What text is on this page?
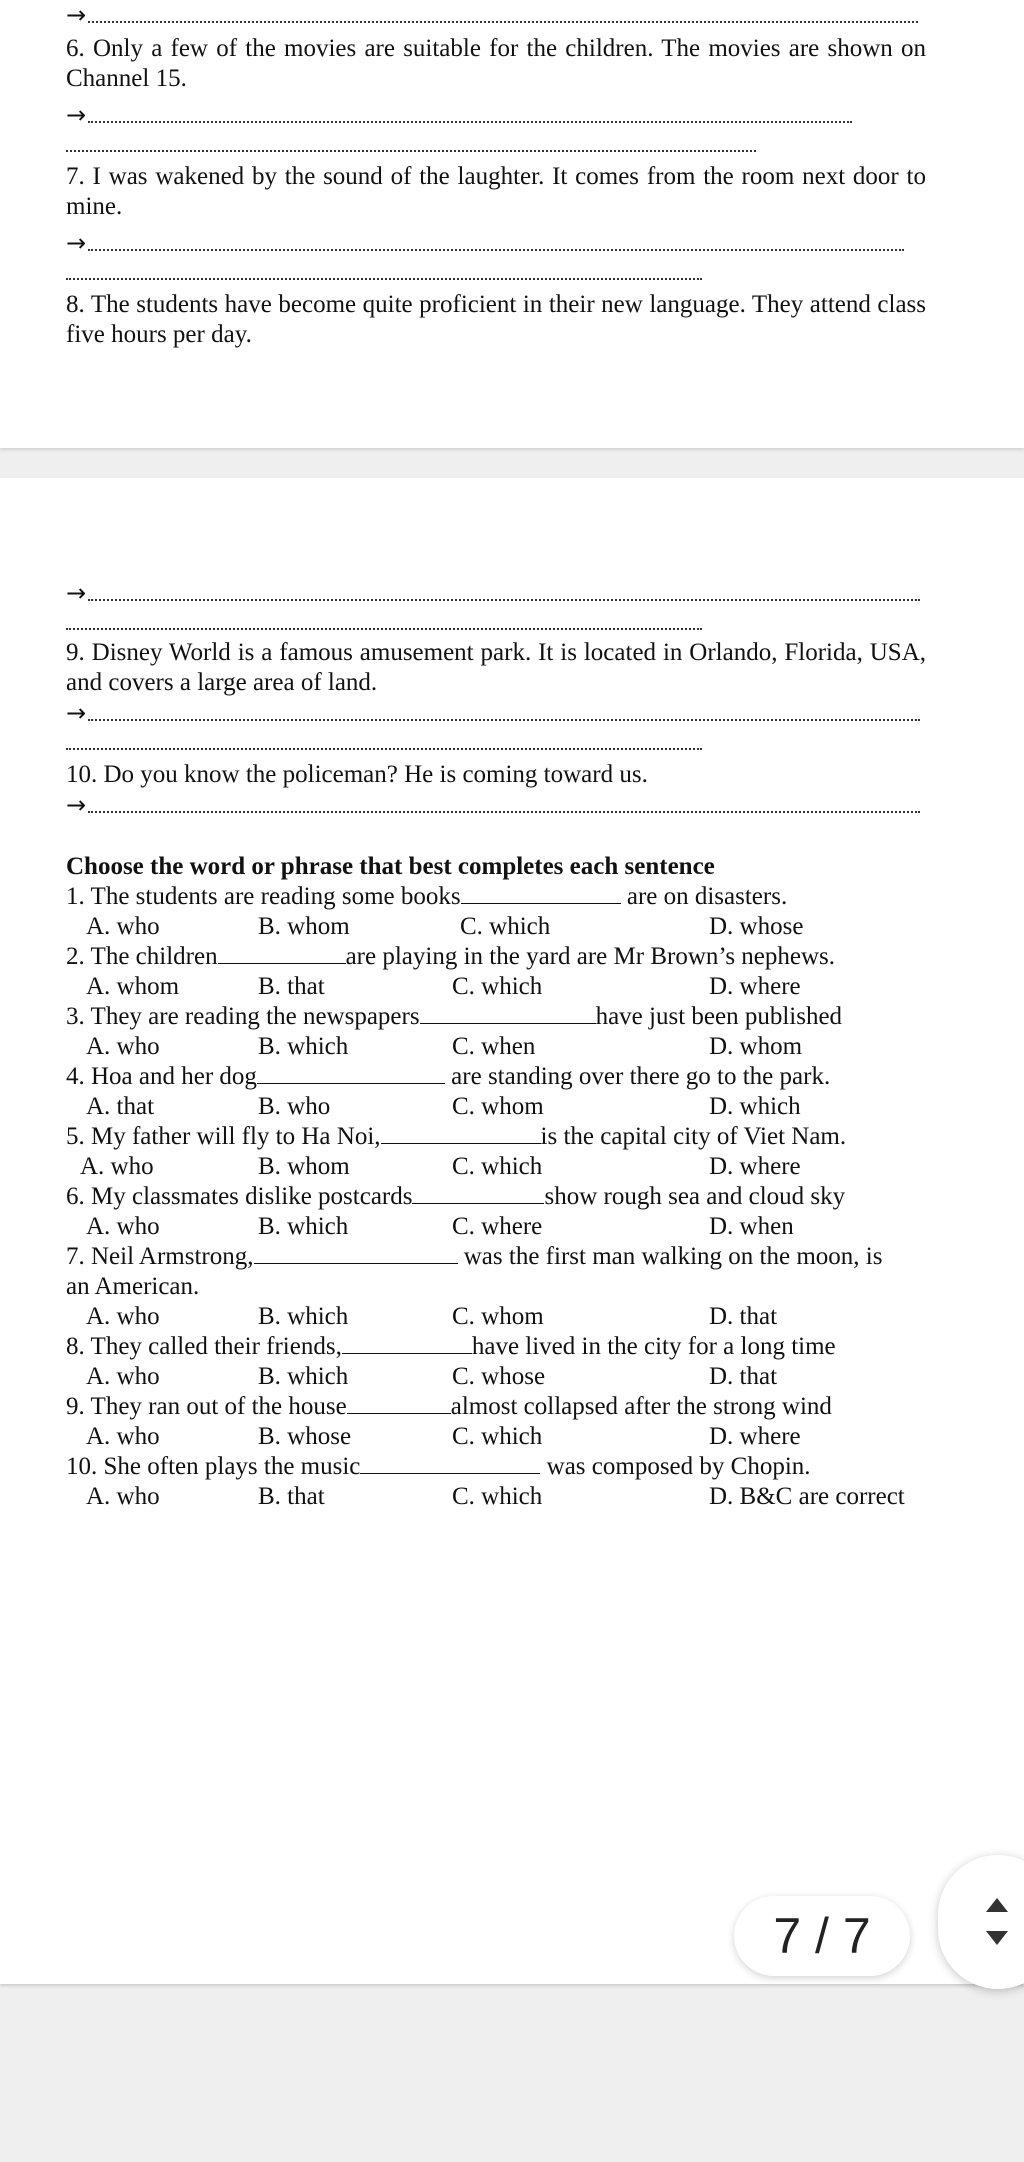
→

6. Only a few of the movies are suitable for the children. The movies are shown on Channel 15.

→

7. I was wakened by the sound of the laughter. It comes from the room next door to mine.

→

8. The students have become quite proficient in their new language. They attend class five hours per day.

→

9. Disney World is a famous amusement park. It is located in Orlando, Florida, USA, and covers a large area of land.

→

10. Do you know the policeman? He is coming toward us.

→

Choose the word or phrase that best completes each sentence

1. The students are reading some books	are on disasters.

A. who	B. whom	C. which	D. whose

2. The children	are playing in the yard are Mr Brown’s nephews.

A. whom	B. that	C. which	D. where

3. They are reading the newspapers	have just been published

A. who	B. which	C. when	D. whom

4. Hoa and her dog	are standing over there go to the park.

A. that	B. who	C. whom	D. which

5. My father will fly to Ha Noi,	is the capital city of Viet Nam.

A. who	B. whom	C. which	D. where

6. My classmates dislike postcards	show rough sea and cloud sky

A. who	B. which	C. where	D. when

7. Neil Armstrong,	was the first man walking on the moon, is

an American.

A. who	B. which	C. whom	D. that

8. They called their friends,	have lived in the city for a long time

A. who	B. which	C. whose	D. that

9. They ran out of the house	almost collapsed after the strong wind

A. who	B. whose	C. which	D. where

10. She often plays the music	was composed by Chopin.

A. who	B. that	C. which	D. B&C are correct
7 / 7
